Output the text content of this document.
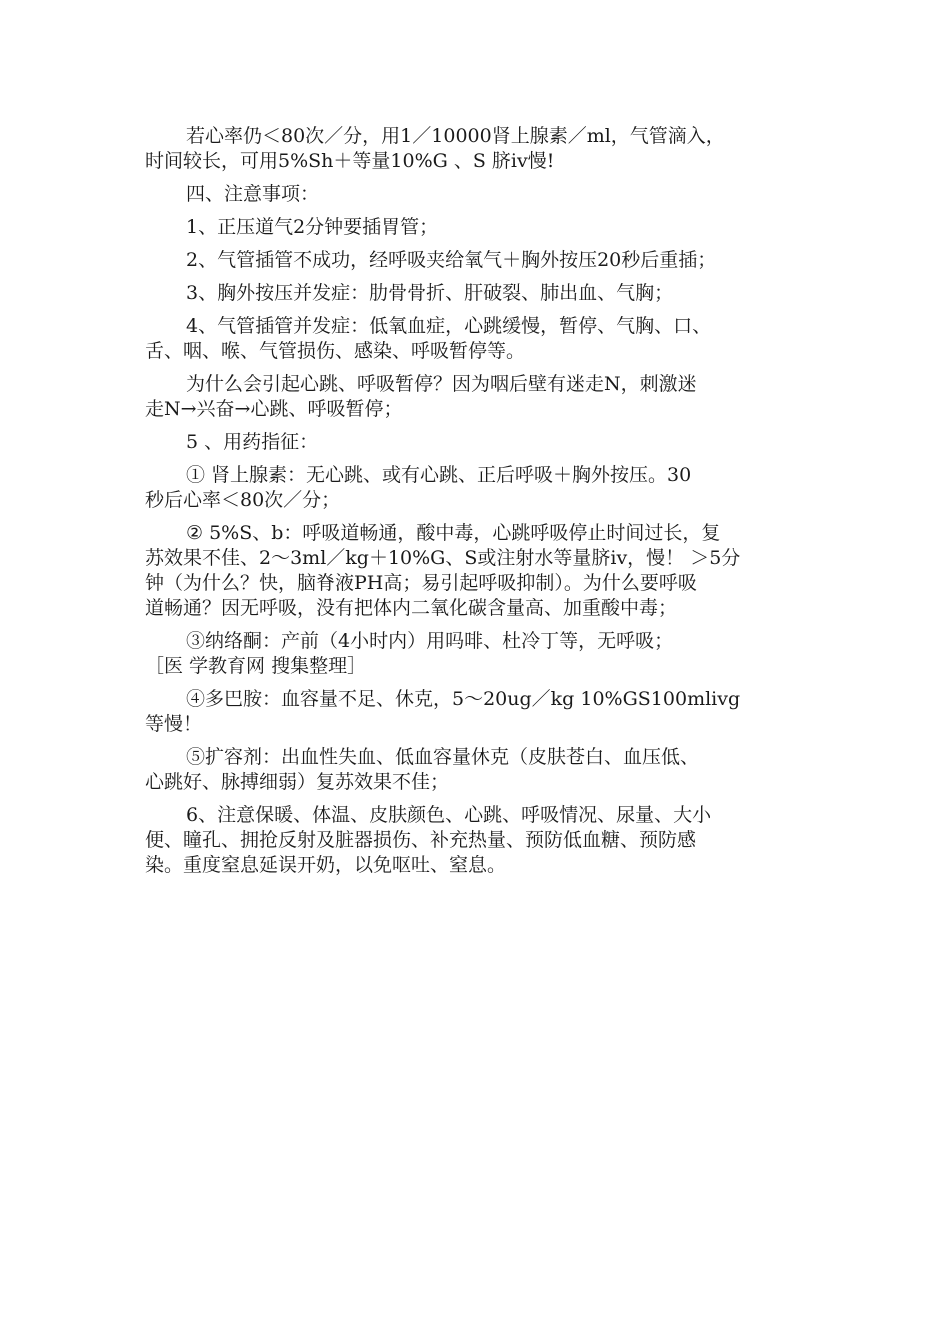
若心率仍＜80次／分，用1／10000肾上腺素／ml，气管滴入，
时间较长，可用5%Sh＋等量10%G 、S 脐iv慢!

四、注意事项：

1、正压道气2分钟要插胃管；

2、气管插管不成功，经呼吸夹给氧气＋胸外按压20秒后重插；

3、胸外按压并发症：肋骨骨折、肝破裂、肺出血、气胸；

4、气管插管并发症：低氧血症，心跳缓慢，暂停、气胸、口、
舌、咽、喉、气管损伤、感染、呼吸暂停等。

为什么会引起心跳、呼吸暂停？因为咽后壁有迷走N，刺激迷
走N→兴奋→心跳、呼吸暂停；

5 、用药指征：

① 肾上腺素：无心跳、或有心跳、正后呼吸＋胸外按压。30
秒后心率＜80次／分；

② 5%S、b：呼吸道畅通，酸中毒，心跳呼吸停止时间过长，复
苏效果不佳、2～3ml／kg＋10%G、S或注射水等量脐iv，慢！ ＞5分
钟（为什么？快，脑脊液PH高；易引起呼吸抑制）。为什么要呼吸
道畅通？因无呼吸，没有把体内二氧化碳含量高、加重酸中毒；

③纳络酮：产前（4小时内）用吗啡、杜冷丁等，无呼吸；

［医 学教育网 搜集整理］

④多巴胺：血容量不足、休克，5～20ug／kg 10%GS100mlivg
等慢！

⑤扩容剂：出血性失血、低血容量休克（皮肤苍白、血压低、
心跳好、脉搏细弱）复苏效果不佳；

6、注意保暖、体温、皮肤颜色、心跳、呼吸情况、尿量、大小
便、瞳孔、拥抢反射及脏器损伤、补充热量、预防低血糖、预防感
染。重度窒息延误开奶，以免呕吐、窒息。
